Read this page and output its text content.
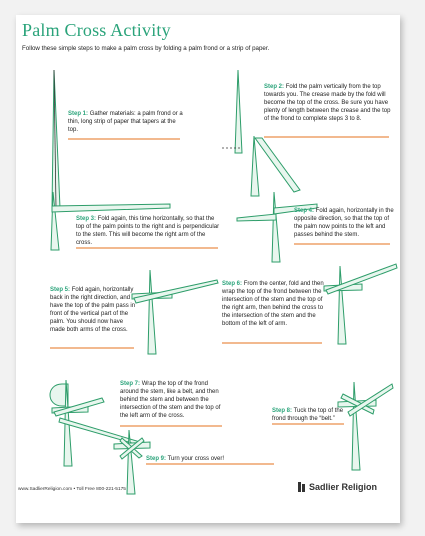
Palm Cross Activity
Follow these simple steps to make a palm cross by folding a palm frond or a strip of paper.
Step 1: Gather materials: a palm frond or a thin, long strip of paper that tapers at the top.
Step 2: Fold the palm vertically from the top towards you. The crease made by the fold will become the top of the cross. Be sure you have plenty of length between the crease and the top of the frond to complete steps 3 to 8.
Step 3: Fold again, this time horizontally, so that the top of the palm points to the right and is perpendicular to the stem. This will become the right arm of the cross.
Step 4: Fold again, horizontally in the opposite direction, so that the top of the palm now points to the left and passes behind the stem.
Step 5: Fold again, horizontally back in the right direction, and have the top of the palm pass in front of the vertical part of the palm. You should now have made both arms of the cross.
Step 6: From the center, fold and then wrap the top of the frond between the intersection of the stem and the top of the right arm, then behind the cross to the intersection of the stem and the bottom of the left of arm.
Step 7: Wrap the top of the frond around the stem, like a belt, and then behind the stem and between the intersection of the stem and the top of the left arm of the cross.
Step 8: Tuck the top of the frond through the “belt.”
Step 9: Turn your cross over!
www.SadlierReligion.com • Toll Free 800-221-5175	Sadlier Religion
